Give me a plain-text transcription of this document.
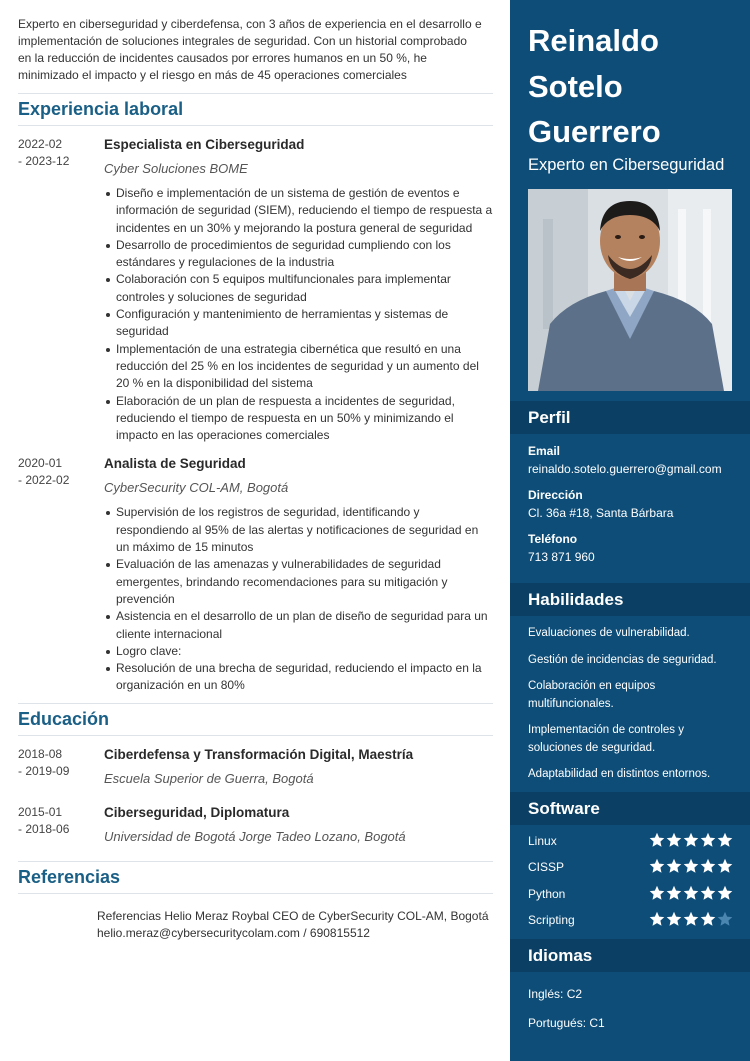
Experto en ciberseguridad y ciberdefensa, con 3 años de experiencia en el desarrollo e implementación de soluciones integrales de seguridad. Con un historial comprobado en la reducción de incidentes causados por errores humanos en un 50 %, he minimizado el impacto y el riesgo en más de 45 operaciones comerciales

Experiencia laboral
2022-02
- 2023-12
Especialista en Ciberseguridad
Cyber Soluciones BOME
Diseño e implementación de un sistema de gestión de eventos e información de seguridad (SIEM), reduciendo el tiempo de respuesta a incidentes en un 30% y mejorando la postura general de seguridad
Desarrollo de procedimientos de seguridad cumpliendo con los estándares y regulaciones de la industria
Colaboración con 5 equipos multifuncionales para implementar controles y soluciones de seguridad
Configuración y mantenimiento de herramientas y sistemas de seguridad
Implementación de una estrategia cibernética que resultó en una reducción del 25 % en los incidentes de seguridad y un aumento del 20 % en la disponibilidad del sistema
Elaboración de un plan de respuesta a incidentes de seguridad, reduciendo el tiempo de respuesta en un 50% y minimizando el impacto en las operaciones comerciales
2020-01
- 2022-02
Analista de Seguridad
CyberSecurity COL-AM, Bogotá
Supervisión de los registros de seguridad, identificando y respondiendo al 95% de las alertas y notificaciones de seguridad en un máximo de 15 minutos
Evaluación de las amenazas y vulnerabilidades de seguridad emergentes, brindando recomendaciones para su mitigación y prevención
Asistencia en el desarrollo de un plan de diseño de seguridad para un cliente internacional
Logro clave:
Resolución de una brecha de seguridad, reduciendo el impacto en la organización en un 80%
Educación
2018-08
- 2019-09
Ciberdefensa y Transformación Digital, Maestría
Escuela Superior de Guerra, Bogotá
2015-01
- 2018-06
Ciberseguridad, Diplomatura
Universidad de Bogotá Jorge Tadeo Lozano, Bogotá
Referencias
Referencias Helio Meraz Roybal CEO de CyberSecurity COL-AM, Bogotá
helio.meraz@cybersecuritycolam.com / 690815512
Reinaldo
Sotelo
Guerrero
Experto en Ciberseguridad
Perfil
Email
reinaldo.sotelo.guerrero@gmail.com
Dirección
Cl. 36a #18, Santa Bárbara
Teléfono
713 871 960
Habilidades
Evaluaciones de vulnerabilidad.
Gestión de incidencias de seguridad.
Colaboración en equipos multifuncionales.
Implementación de controles y soluciones de seguridad.
Adaptabilidad en distintos entornos.
Software
Linux
CISSP
Python
Scripting
Idiomas
Inglés: C2
Portugués: C1
